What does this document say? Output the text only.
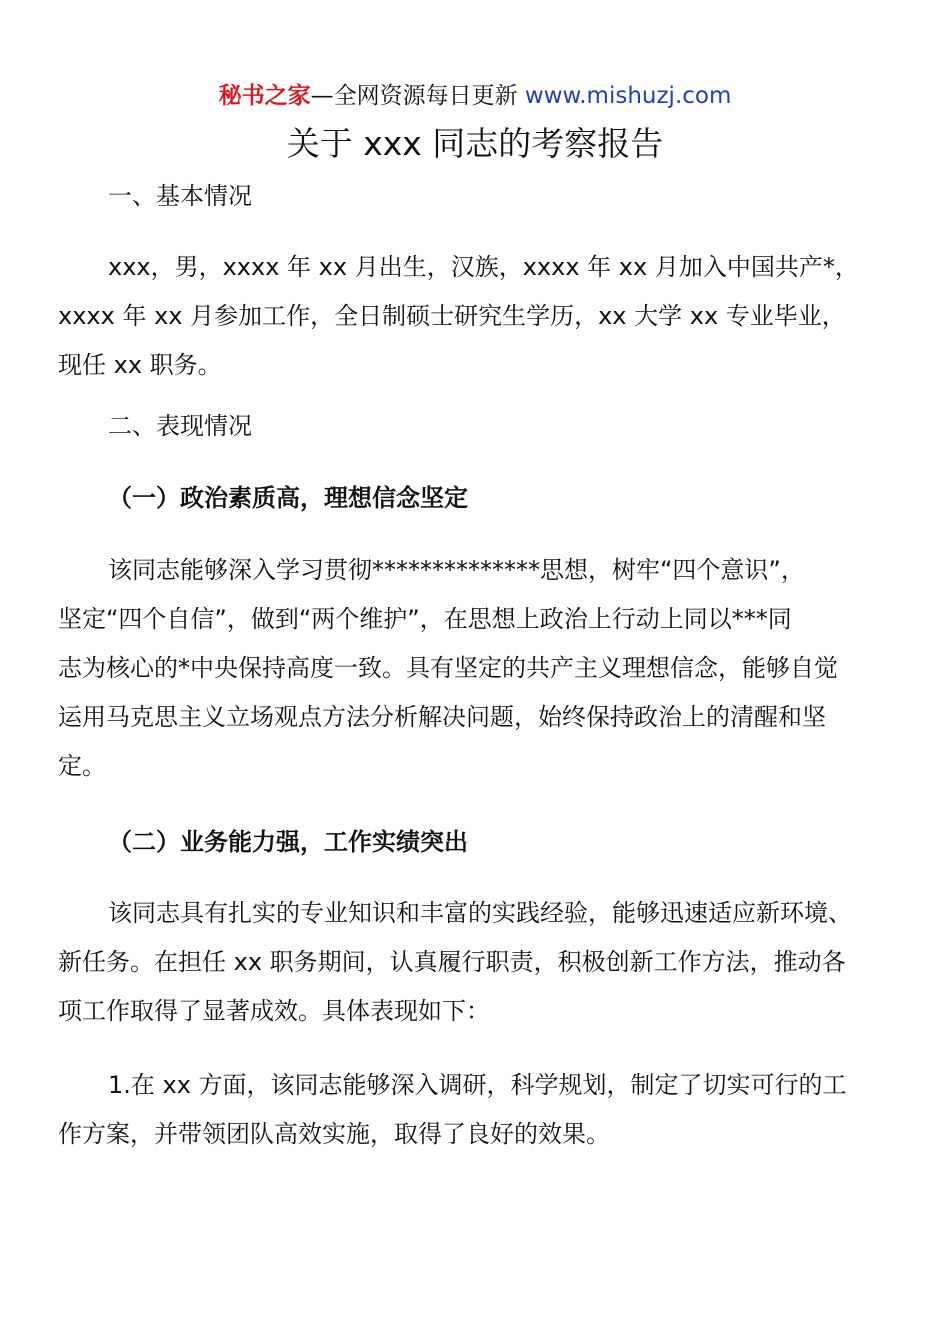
秘书之家—全网资源每日更新 www.mishuzj.com
关于 xxx 同志的考察报告
一、基本情况
xxx，男，xxxx 年 xx 月出生，汉族，xxxx 年 xx 月加入中国共产*，
xxxx 年 xx 月参加工作，全日制硕士研究生学历，xx 大学 xx 专业毕业，
现任 xx 职务。
二、表现情况
（一）政治素质高，理想信念坚定
该同志能够深入学习贯彻**************思想，树牢“四个意识”，
坚定“四个自信”，做到“两个维护”，在思想上政治上行动上同以***同
志为核心的*中央保持高度一致。具有坚定的共产主义理想信念，能够自觉
运用马克思主义立场观点方法分析解决问题，始终保持政治上的清醒和坚
定。
（二）业务能力强，工作实绩突出
该同志具有扎实的专业知识和丰富的实践经验，能够迅速适应新环境、
新任务。在担任 xx 职务期间，认真履行职责，积极创新工作方法，推动各
项工作取得了显著成效。具体表现如下：
1.在 xx 方面，该同志能够深入调研，科学规划，制定了切实可行的工
作方案，并带领团队高效实施，取得了良好的效果。
